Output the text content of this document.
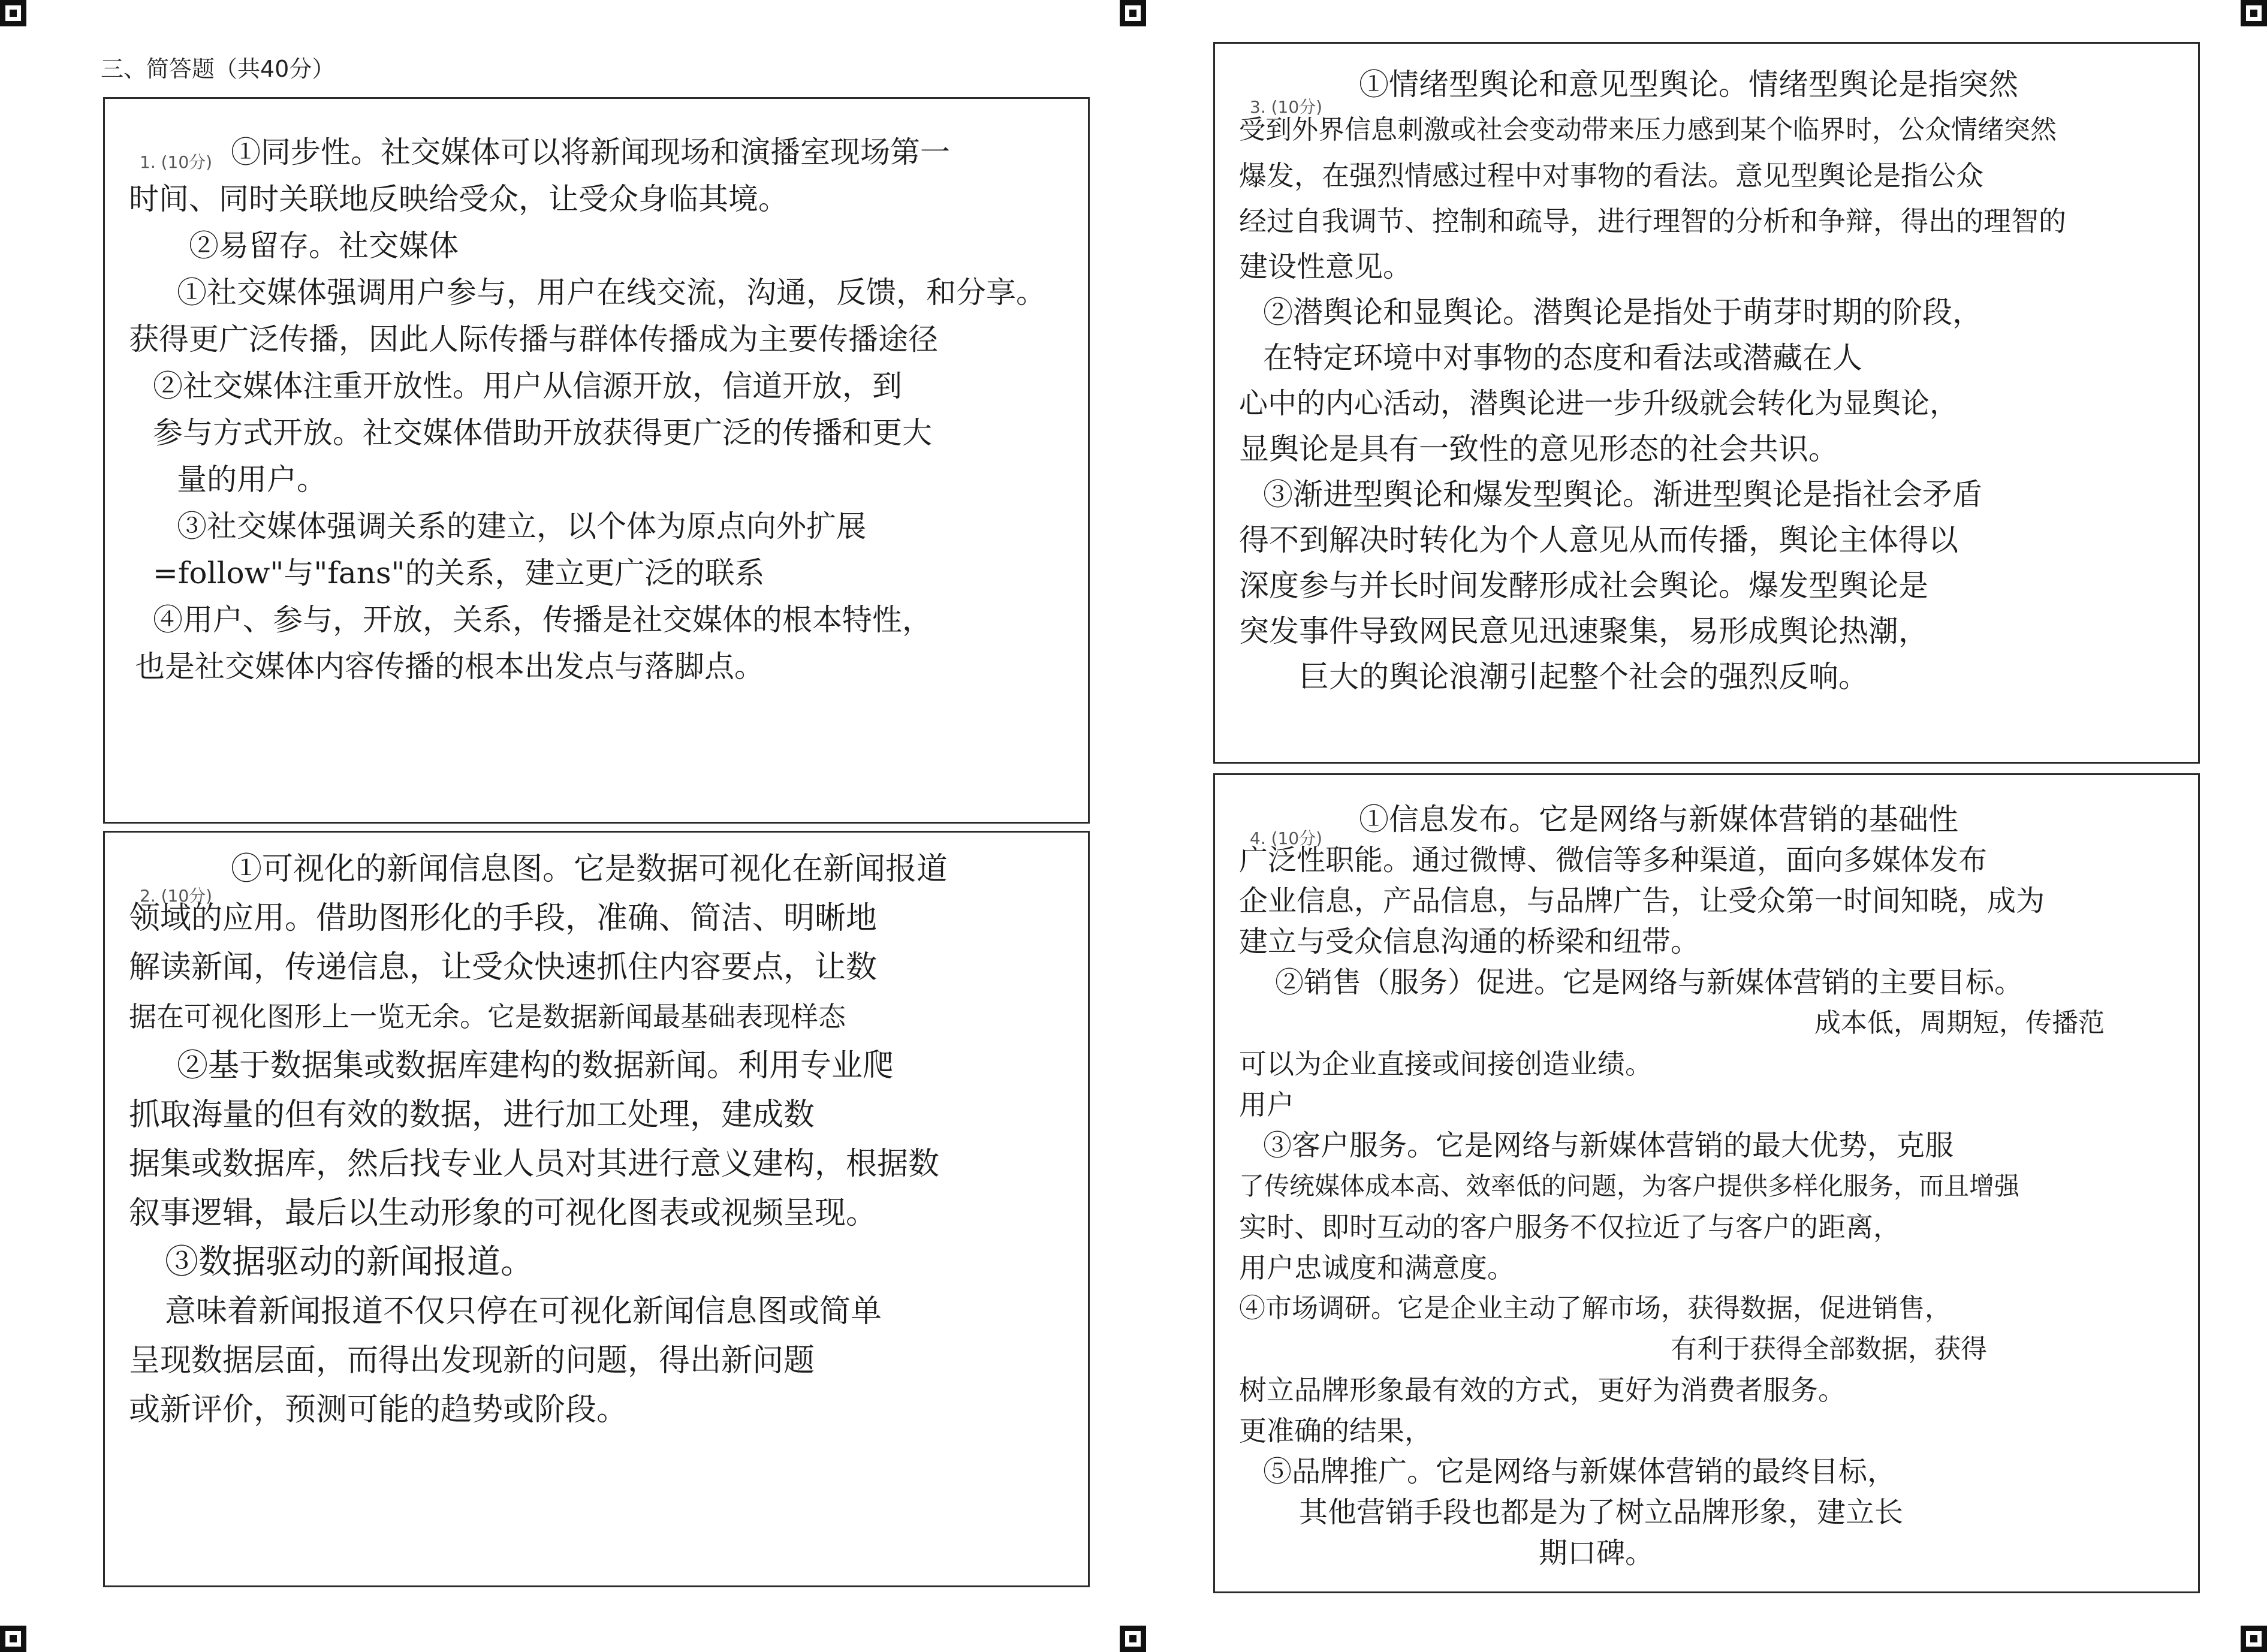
三、简答题（共40分）
1. (10分) ①同步性。社交媒体可以将新闻现场和演播室现场第一
时间、同时关联地反映给受众，让受众身临其境。
②易留存。社交媒体
①社交媒体强调用户参与，用户在线交流，沟通，反馈，和分享。
获得更广泛传播，因此人际传播与群体传播成为主要传播途径
②社交媒体注重开放性。用户从信源开放，信道开放，到
参与方式开放。社交媒体借助开放获得更广泛的传播和更大
量的用户。
③社交媒体强调关系的建立，以个体为原点向外扩展
=follow"与"fans"的关系，建立更广泛的联系
④用户、参与，开放，关系，传播是社交媒体的根本特性，
也是社交媒体内容传播的根本出发点与落脚点。
2. (10分)
①可视化的新闻信息图。它是数据可视化在新闻报道
领域的应用。借助图形化的手段，准确、简洁、明晰地
解读新闻，传递信息，让受众快速抓住内容要点，让数
据在可视化图形上一览无余。它是数据新闻最基础表现样态
②基于数据集或数据库建构的数据新闻。利用专业爬
抓取海量的但有效的数据，进行加工处理，建成数
据集或数据库，然后找专业人员对其进行意义建构，根据数
叙事逻辑，最后以生动形象的可视化图表或视频呈现。
③数据驱动的新闻报道。
意味着新闻报道不仅只停在可视化新闻信息图或简单
呈现数据层面，而得出发现新的问题，得出新问题
或新评价，预测可能的趋势或阶段。
3. (10分)
①情绪型舆论和意见型舆论。情绪型舆论是指突然
受到外界信息刺激或社会变动带来压力感到某个临界时，公众情绪突然
爆发，在强烈情感过程中对事物的看法。意见型舆论是指公众
经过自我调节、控制和疏导，进行理智的分析和争辩，得出的理智的
建设性意见。
②潜舆论和显舆论。潜舆论是指处于萌芽时期的阶段，
在特定环境中对事物的态度和看法或潜藏在人
心中的内心活动，潜舆论进一步升级就会转化为显舆论，
显舆论是具有一致性的意见形态的社会共识。
③渐进型舆论和爆发型舆论。渐进型舆论是指社会矛盾
得不到解决时转化为个人意见从而传播，舆论主体得以
深度参与并长时间发酵形成社会舆论。爆发型舆论是
突发事件导致网民意见迅速聚集，易形成舆论热潮，
巨大的舆论浪潮引起整个社会的强烈反响。
4. (10分)
①信息发布。它是网络与新媒体营销的基础性
广泛性职能。通过微博、微信等多种渠道，面向多媒体发布
企业信息，产品信息，与品牌广告，让受众第一时间知晓，成为
建立与受众信息沟通的桥梁和纽带。
②销售（服务）促进。它是网络与新媒体营销的主要目标。
成本低，周期短，传播范
可以为企业直接或间接创造业绩。
用户
③客户服务。它是网络与新媒体营销的最大优势，克服
了传统媒体成本高、效率低的问题，为客户提供多样化服务，而且增强
实时、即时互动的客户服务不仅拉近了与客户的距离，
用户忠诚度和满意度。
④市场调研。它是企业主动了解市场，获得数据，促进销售，
有利于获得全部数据，获得
树立品牌形象最有效的方式，更好为消费者服务。
更准确的结果，
⑤品牌推广。它是网络与新媒体营销的最终目标，
其他营销手段也都是为了树立品牌形象，建立长
期口碑。
